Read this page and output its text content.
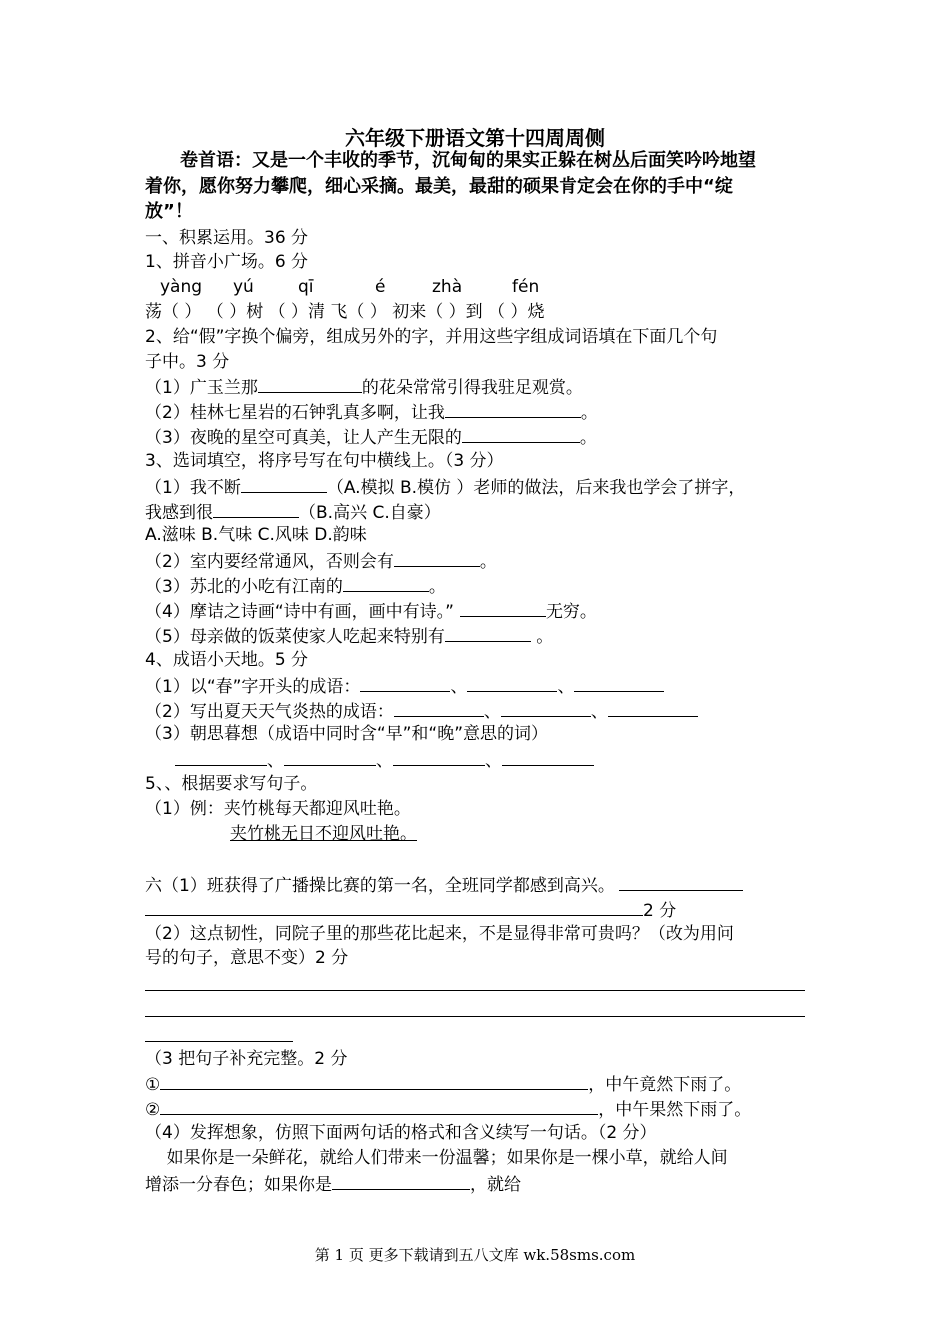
六年级下册语文第十四周周侧
卷首语：又是一个丰收的季节，沉甸甸的果实正躲在树丛后面笑吟吟地望
着你，愿你努力攀爬，细心采摘。最美，最甜的硕果肯定会在你的手中“绽
放”！
一、积累运用。36 分
1、拼音小广场。6 分
yàng yú	qī	é	zhà	fén
荡（ ） （ ）树 （ ）清 飞（ ） 初来（ ）到 （ ）烧
2、给“假”字换个偏旁，组成另外的字，并用这些字组成词语填在下面几个句
子中。3 分
（1）广玉兰那	的花朵常常引得我驻足观赏。
（2）桂林七星岩的石钟乳真多啊，让我	。
（3）夜晚的星空可真美，让人产生无限的	。
3、选词填空，将序号写在句中横线上。（3 分）
（1）我不断	（A.模拟 B.模仿 ）老师的做法，后来我也学会了拼字，
我感到很	（B.高兴 C.自豪）
A.滋味 B.气味 C.风味 D.韵味
（2）室内要经常通风，否则会有	。
（3）苏北的小吃有江南的	。
（4）摩诘之诗画“诗中有画，画中有诗。”	无穷。
（5）母亲做的饭菜使家人吃起来特别有	。
4、成语小天地。5 分
（1）以“春”字开头的成语：	、	、
（2）写出夏天天气炎热的成语：	、	、
（3）朝思暮想（成语中同时含“早”和“晚”意思的词）
、	、	、
5、、根据要求写句子。
（1）例：夹竹桃每天都迎风吐艳。
夹竹桃无日不迎风吐艳。
六（1）班获得了广播操比赛的第一名，全班同学都感到高兴。
2 分
（2）这点韧性，同院子里的那些花比起来，不是显得非常可贵吗？（改为用问
号的句子，意思不变）2 分
（3 把句子补充完整。2 分
①	，中午竟然下雨了。
②	，中午果然下雨了。
（4）发挥想象，仿照下面两句话的格式和含义续写一句话。（2 分）
如果你是一朵鲜花，就给人们带来一份温馨；如果你是一棵小草，就给人间
增添一分春色；如果你是	，就给
第 1 页 更多下载请到五八文库 wk.58sms.com
